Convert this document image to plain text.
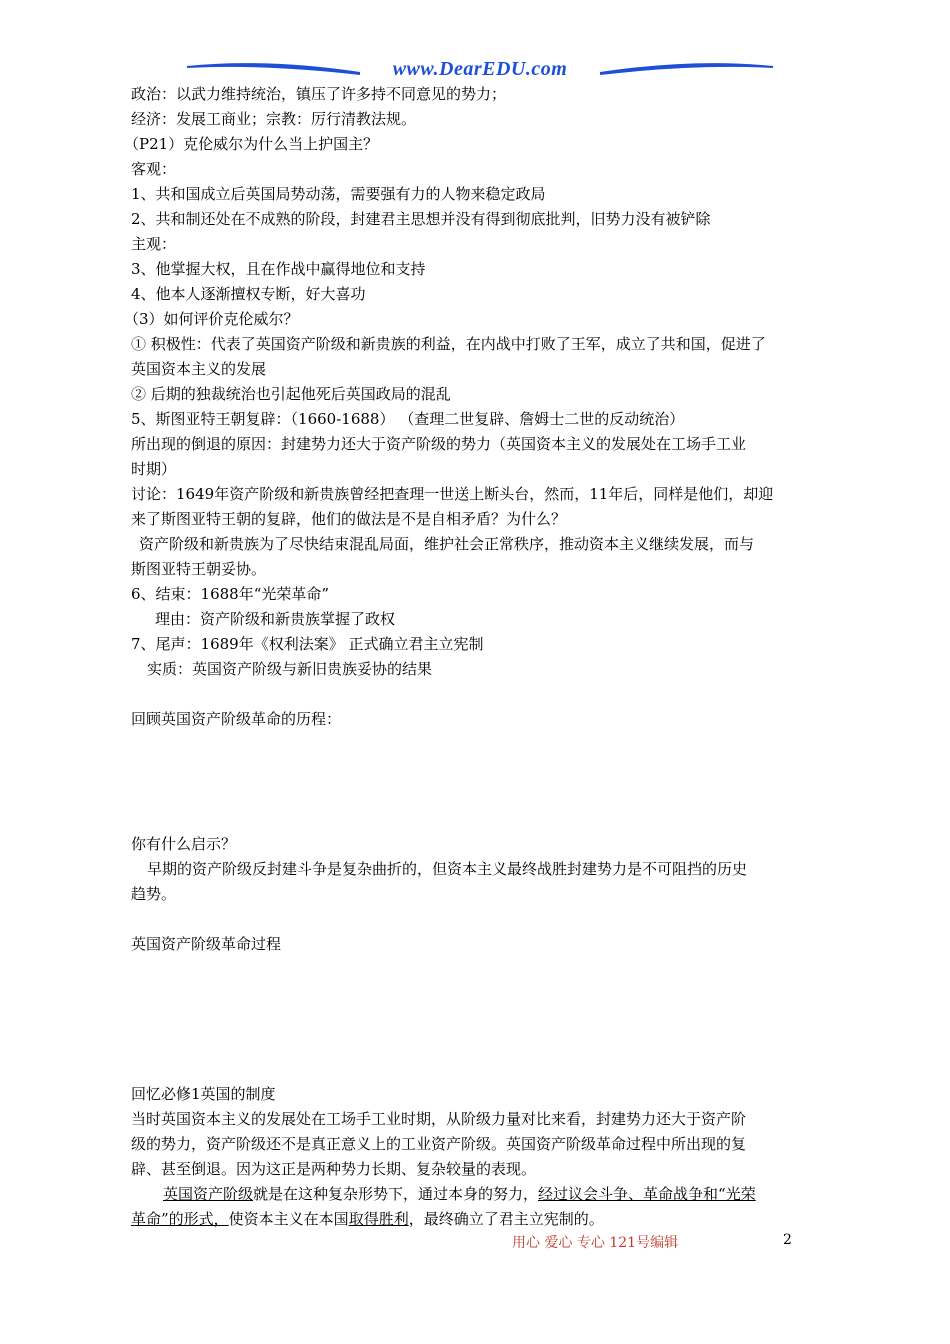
www.DearEDU.com
政治：以武力维持统治，镇压了许多持不同意见的势力；
经济：发展工商业；宗教：厉行清教法规。
（P21）克伦威尔为什么当上护国主？
客观：
1、共和国成立后英国局势动荡，需要强有力的人物来稳定政局
2、共和制还处在不成熟的阶段，封建君主思想并没有得到彻底批判，旧势力没有被铲除
主观：
3、他掌握大权，且在作战中赢得地位和支持
4、他本人逐渐擅权专断，好大喜功
（3）如何评价克伦威尔？
① 积极性：代表了英国资产阶级和新贵族的利益，在内战中打败了王军，成立了共和国，促进了
英国资本主义的发展
② 后期的独裁统治也引起他死后英国政局的混乱
5、斯图亚特王朝复辟：（1660-1688） （查理二世复辟、詹姆士二世的反动统治）
所出现的倒退的原因：封建势力还大于资产阶级的势力（英国资本主义的发展处在工场手工业
时期）
讨论：1649年资产阶级和新贵族曾经把查理一世送上断头台，然而，11年后，同样是他们，却迎
来了斯图亚特王朝的复辟，他们的做法是不是自相矛盾？为什么？
资产阶级和新贵族为了尽快结束混乱局面，维护社会正常秩序，推动资本主义继续发展，而与
斯图亚特王朝妥协。
6、结束：1688年“光荣革命”
理由：资产阶级和新贵族掌握了政权
7、尾声：1689年《权利法案》 正式确立君主立宪制
实质：英国资产阶级与新旧贵族妥协的结果
回顾英国资产阶级革命的历程：
你有什么启示？
早期的资产阶级反封建斗争是复杂曲折的，但资本主义最终战胜封建势力是不可阻挡的历史
趋势。
英国资产阶级革命过程
回忆必修1英国的制度
当时英国资本主义的发展处在工场手工业时期，从阶级力量对比来看，封建势力还大于资产阶
级的势力，资产阶级还不是真正意义上的工业资产阶级。英国资产阶级革命过程中所出现的复
辟、甚至倒退。因为这正是两种势力长期、复杂较量的表现。
英国资产阶级就是在这种复杂形势下，通过本身的努力，经过议会斗争、革命战争和“光荣
革命”的形式，使资本主义在本国取得胜利，最终确立了君主立宪制的。
用心 爱心 专心 121号编辑	2
